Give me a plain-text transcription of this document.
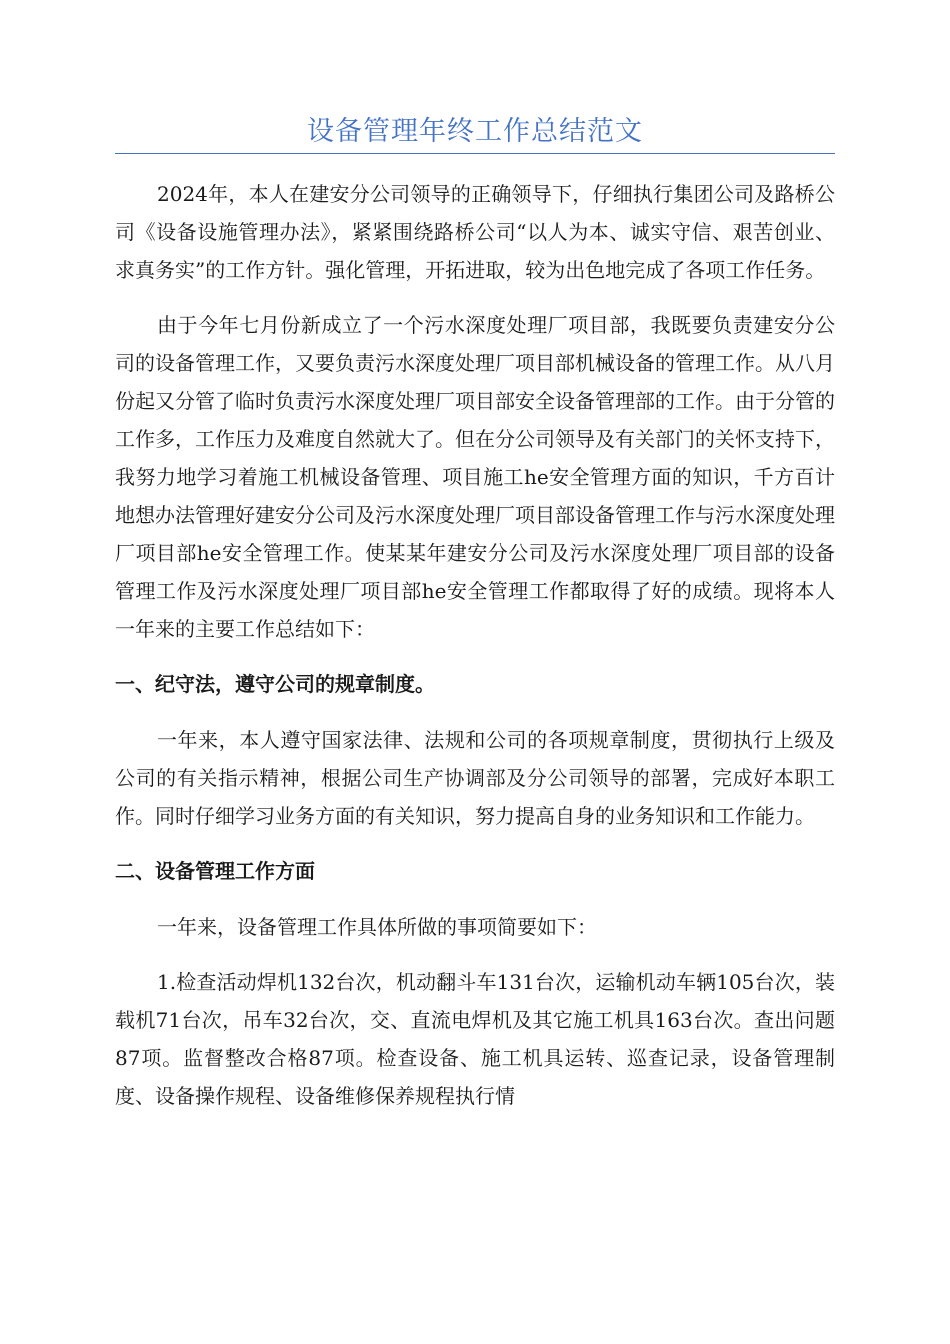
设备管理年终工作总结范文

2024年，本人在建安分公司领导的正确领导下，仔细执行集团公司及路桥公司《设备设施管理办法》，紧紧围绕路桥公司“以人为本、诚实守信、艰苦创业、求真务实”的工作方针。强化管理，开拓进取，较为出色地完成了各项工作任务。

由于今年七月份新成立了一个污水深度处理厂项目部，我既要负责建安分公司的设备管理工作，又要负责污水深度处理厂项目部机械设备的管理工作。从八月份起又分管了临时负责污水深度处理厂项目部安全设备管理部的工作。由于分管的工作多，工作压力及难度自然就大了。但在分公司领导及有关部门的关怀支持下，我努力地学习着施工机械设备管理、项目施工he安全管理方面的知识，千方百计地想办法管理好建安分公司及污水深度处理厂项目部设备管理工作与污水深度处理厂项目部he安全管理工作。使某某年建安分公司及污水深度处理厂项目部的设备管理工作及污水深度处理厂项目部he安全管理工作都取得了好的成绩。现将本人一年来的主要工作总结如下：

一、纪守法，遵守公司的规章制度。

一年来，本人遵守国家法律、法规和公司的各项规章制度，贯彻执行上级及公司的有关指示精神，根据公司生产协调部及分公司领导的部署，完成好本职工作。同时仔细学习业务方面的有关知识，努力提高自身的业务知识和工作能力。

二、设备管理工作方面

一年来，设备管理工作具体所做的事项简要如下：

1.检查活动焊机132台次，机动翻斗车131台次，运输机动车辆105台次，装载机71台次，吊车32台次，交、直流电焊机及其它施工机具163台次。查出问题87项。监督整改合格87项。检查设备、施工机具运转、巡查记录，设备管理制度、设备操作规程、设备维修保养规程执行情
